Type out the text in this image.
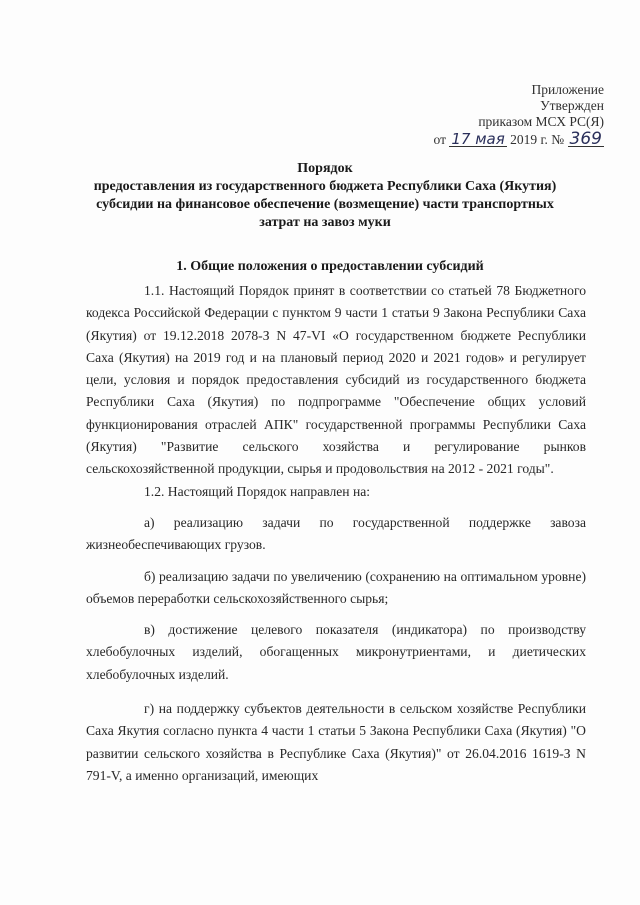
Приложение
Утвержден
приказом МСХ РС(Я)
от 17 мая 2019 г. № 369
Порядок
предоставления из государственного бюджета Республики Саха (Якутия)
субсидии на финансовое обеспечение (возмещение) части транспортных
затрат на завоз муки
1. Общие положения о предоставлении субсидий

1.1. Настоящий Порядок принят в соответствии со статьей 78 Бюджетного кодекса Российской Федерации с пунктом 9 части 1 статьи 9 Закона Республики Саха (Якутия) от 19.12.2018 2078-З N 47-VI «О государственном бюджете Республики Саха (Якутия) на 2019 год и на плановый период 2020 и 2021 годов» и регулирует цели, условия и порядок предоставления субсидий из государственного бюджета Республики Саха (Якутия) по подпрограмме "Обеспечение общих условий функционирования отраслей АПК" государственной программы Республики Саха (Якутия) "Развитие сельского хозяйства и регулирование рынков сельскохозяйственной продукции, сырья и продовольствия на 2012 - 2021 годы".

1.2. Настоящий Порядок направлен на:

а) реализацию задачи по государственной поддержке завоза жизнеобеспечивающих грузов.

б) реализацию задачи по увеличению (сохранению на оптимальном уровне) объемов переработки сельскохозяйственного сырья;

в) достижение целевого показателя (индикатора) по производству хлебобулочных изделий, обогащенных микронутриентами, и диетических хлебобулочных изделий.

г) на поддержку субъектов деятельности в сельском хозяйстве Республики Саха Якутия согласно пункта 4 части 1 статьи 5 Закона Республики Саха (Якутия) "О развитии сельского хозяйства в Республике Саха (Якутия)" от 26.04.2016 1619-З N 791-V, а именно организаций, имеющих
